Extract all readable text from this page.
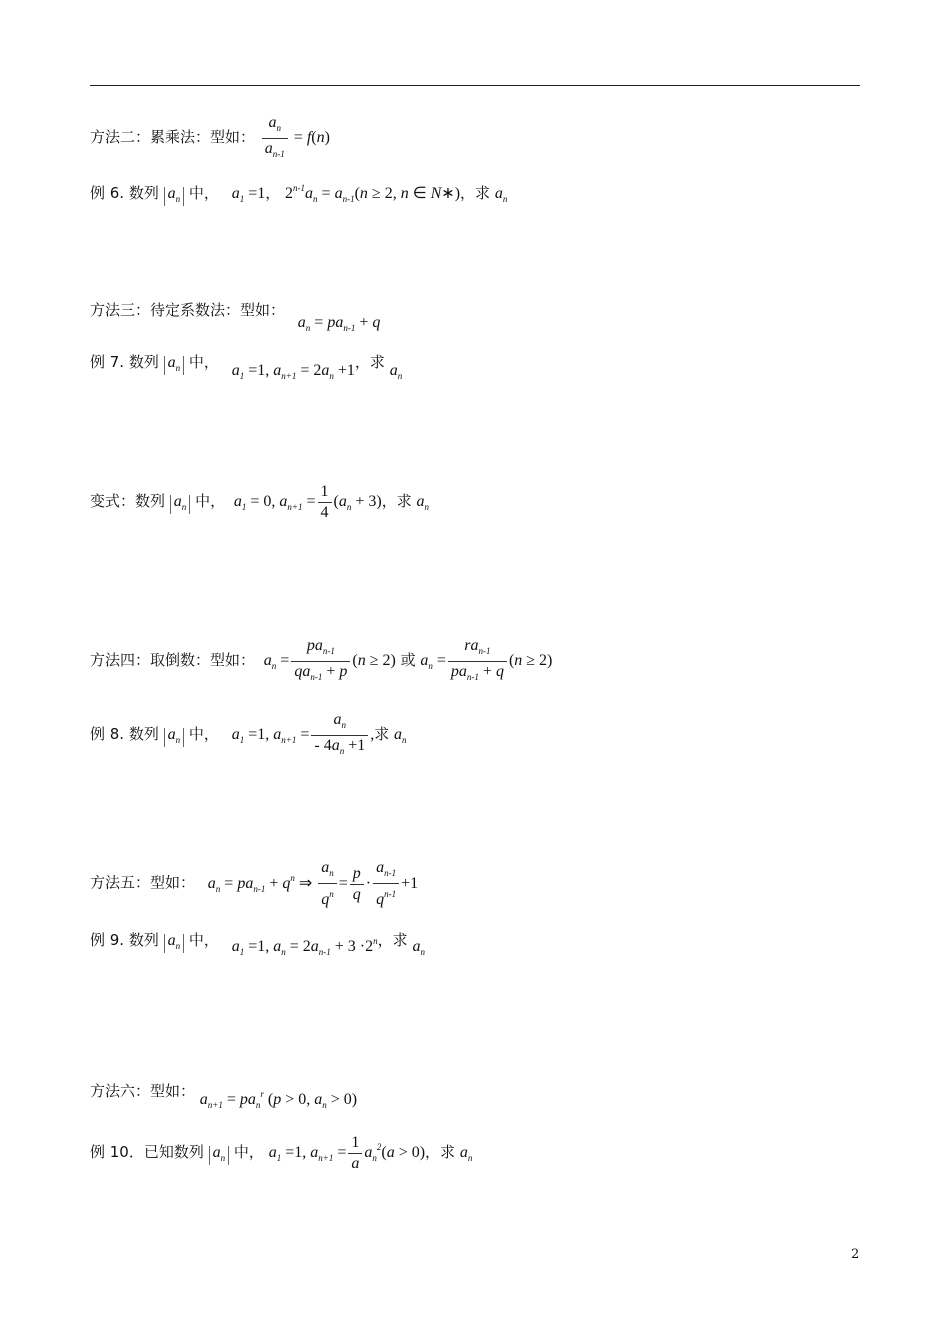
方法二：累乘法：型如： $\frac{a_n}{a_{n-1}} = f(n)$
例 6. 数列 $a_n$ 中，   $a_1 =1$， $2^{n-1}a_n = a_{n-1}(n \ge 2$, n ∈ N∗)，求 $a_n$
方法三：待定系数法：型如：   $a_n = pa_{n-1} + q$
例 7. 数列 $a_n$ 中，   $a_1 =1$, $a_{n+1} = 2a_n +1$，求 $a_n$
变式：数列 $a_n$ 中，  $a_1 = 0$, $a_{n+1} = \frac{1}{4} (a_n + 3)$，求 $a_n$
方法四：取倒数：型如：  $a_n = \frac{pa_{n-1}}{qa_{n-1} + p} (n \ge 2)$ 或 $a_n = \frac{ra_{n-1}}{pa_{n-1} + q} (n \ge 2)$
例 8. 数列 $a_n$ 中，   $a_1 =1$, $a_{n+1} = \frac{a_n}{- 4a_n +1}$ ,求 $a_n$
方法五：型如：   $a_n = pa_{n-1} + q^n$ ⇒ $\frac{a_n}{q^n} = \frac{p}{q} \cdot \frac{a_{n-1}}{q^{n-1}} +1$
例 9. 数列 $a_n$ 中，   $a_1 =1$, $a_n = 2a_{n-1} + 3 \cdot 2^n$，求 $a_n$
方法六：型如： $a_{n+1} = pa_n^r$ (p > 0, $a_n > 0$)
例 10．已知数列 $a_n$ 中， $a_1 =1$, $a_{n+1} = \frac{1}{a} a_n^2(a > 0)$，求 $a_n$
2
